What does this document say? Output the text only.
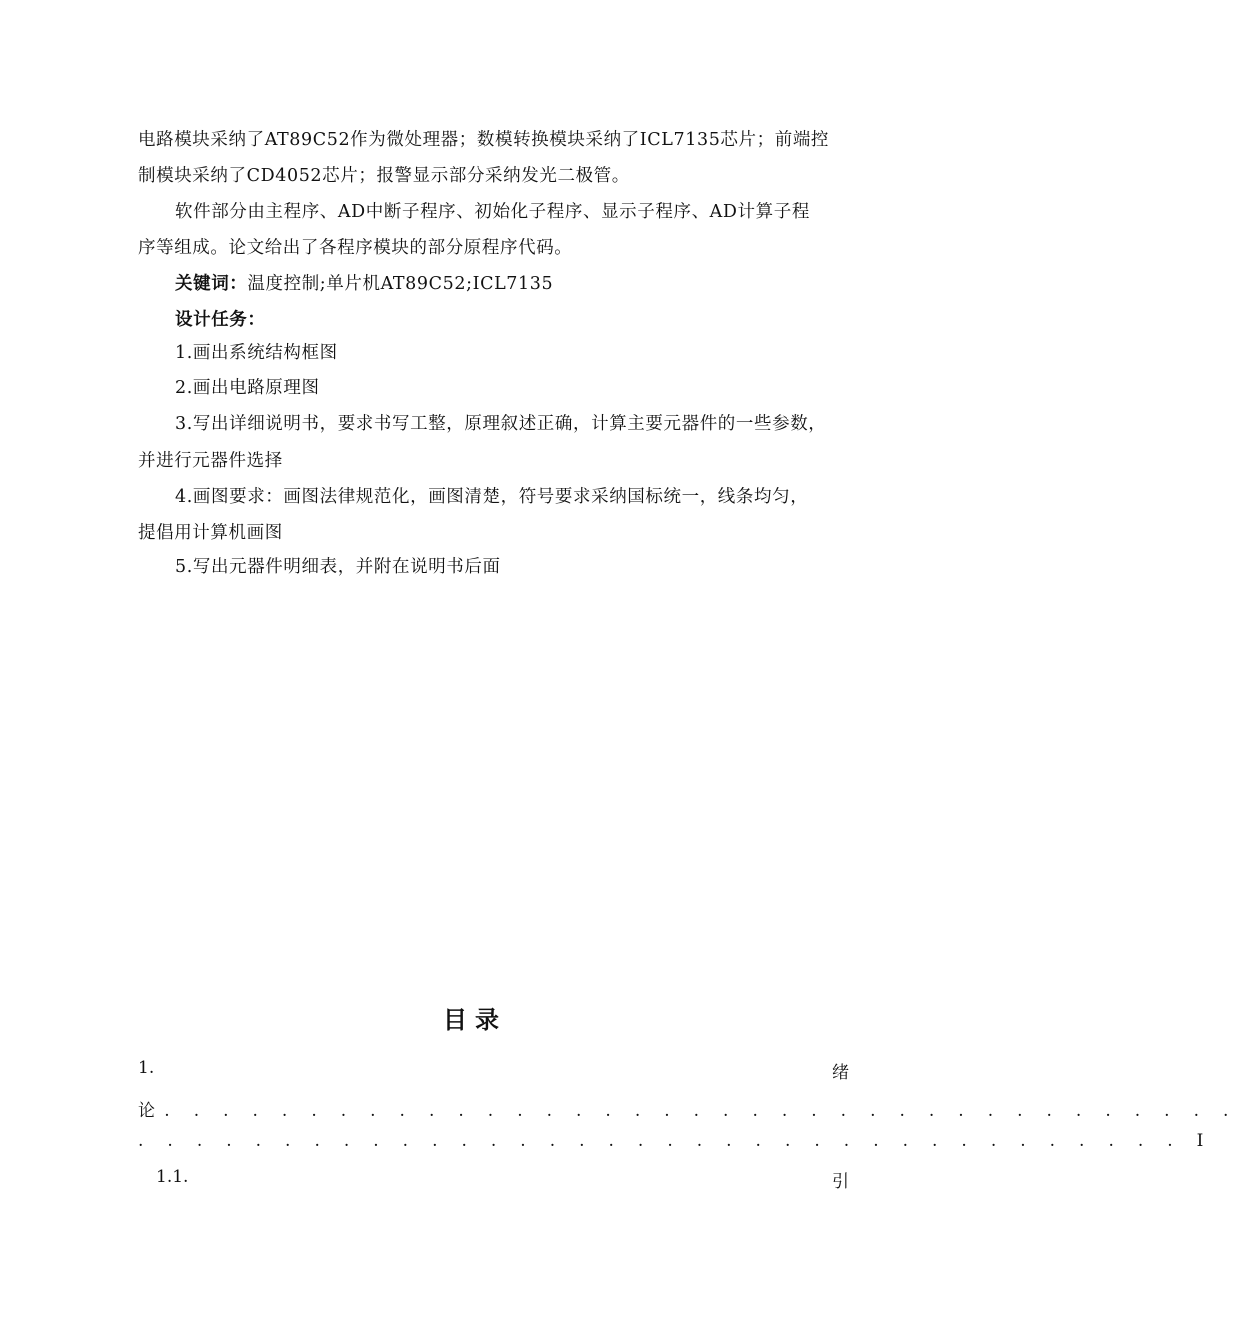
电路模块采纳了AT89C52作为微处理器；数模转换模块采纳了ICL7135芯片；前端控
制模块采纳了CD4052芯片；报警显示部分采纳发光二极管。
软件部分由主程序、AD中断子程序、初始化子程序、显示子程序、AD计算子程
序等组成。论文给出了各程序模块的部分原程序代码。
关键词：温度控制;单片机AT89C52;ICL7135
设计任务：
1.画出系统结构框图
2.画出电路原理图
3.写出详细说明书，要求书写工整，原理叙述正确，计算主要元器件的一些参数，
并进行元器件选择
4.画图要求：画图法律规范化，画图清楚，符号要求采纳国标统一，线条均匀，
提倡用计算机画图
5.写出元器件明细表，并附在说明书后面
目录
1.	绪
论. . . . . . . . . . . . . . . . . . . . . . . . . . . . . . . . . . . . .
. . . . . . . . . . . . . . . . . . . . . . . . . . . . . . . . . . . . I
1.1.	引
